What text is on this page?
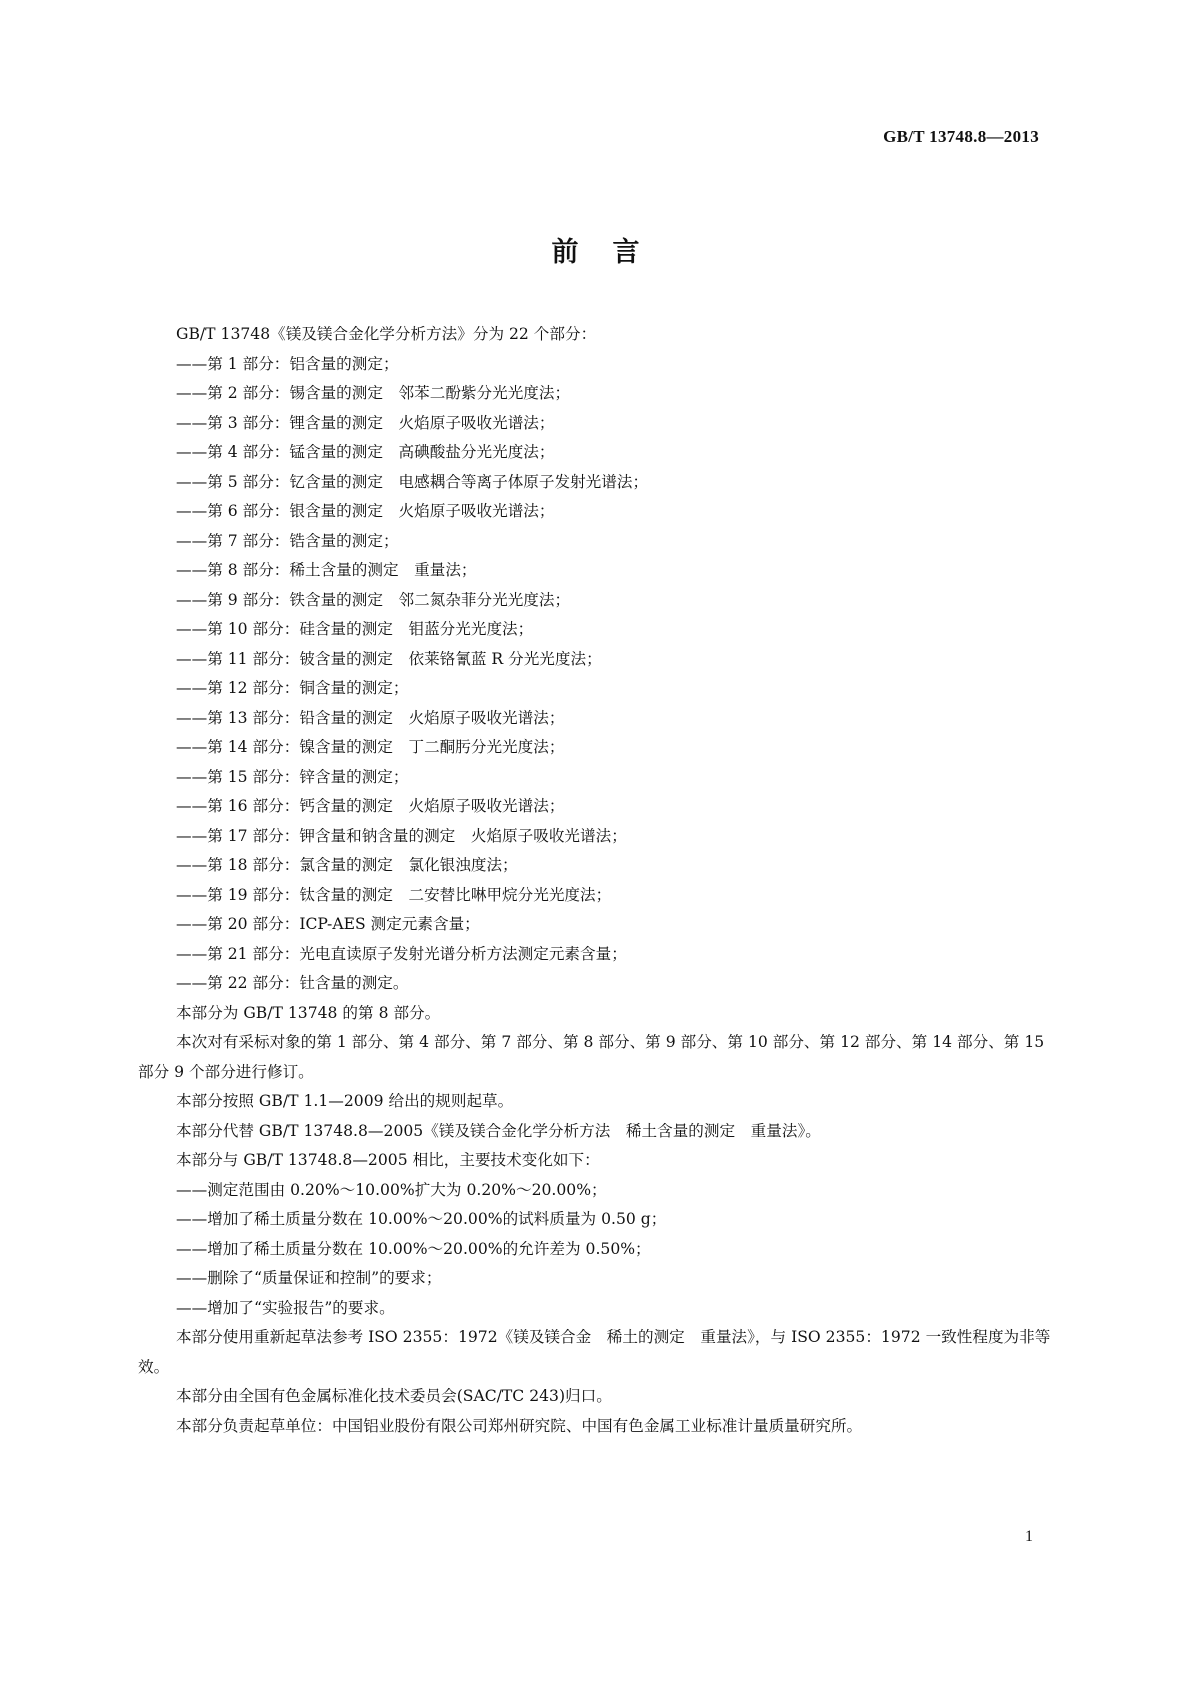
GB/T 13748.8—2013
前言

GB/T 13748《镁及镁合金化学分析方法》分为 22 个部分：

——第 1 部分：铝含量的测定；

——第 2 部分：锡含量的测定　邻苯二酚紫分光光度法；

——第 3 部分：锂含量的测定　火焰原子吸收光谱法；

——第 4 部分：锰含量的测定　高碘酸盐分光光度法；

——第 5 部分：钇含量的测定　电感耦合等离子体原子发射光谱法；

——第 6 部分：银含量的测定　火焰原子吸收光谱法；

——第 7 部分：锆含量的测定；

——第 8 部分：稀土含量的测定　重量法；

——第 9 部分：铁含量的测定　邻二氮杂菲分光光度法；

——第 10 部分：硅含量的测定　钼蓝分光光度法；

——第 11 部分：铍含量的测定　依莱铬氰蓝 R 分光光度法；

——第 12 部分：铜含量的测定；

——第 13 部分：铅含量的测定　火焰原子吸收光谱法；

——第 14 部分：镍含量的测定　丁二酮肟分光光度法；

——第 15 部分：锌含量的测定；

——第 16 部分：钙含量的测定　火焰原子吸收光谱法；

——第 17 部分：钾含量和钠含量的测定　火焰原子吸收光谱法；

——第 18 部分：氯含量的测定　氯化银浊度法；

——第 19 部分：钛含量的测定　二安替比啉甲烷分光光度法；

——第 20 部分：ICP-AES 测定元素含量；

——第 21 部分：光电直读原子发射光谱分析方法测定元素含量；

——第 22 部分：钍含量的测定。

本部分为 GB/T 13748 的第 8 部分。

本次对有采标对象的第 1 部分、第 4 部分、第 7 部分、第 8 部分、第 9 部分、第 10 部分、第 12 部分、第 14 部分、第 15 部分 9 个部分进行修订。

本部分按照 GB/T 1.1—2009 给出的规则起草。

本部分代替 GB/T 13748.8—2005《镁及镁合金化学分析方法　稀土含量的测定　重量法》。

本部分与 GB/T 13748.8—2005 相比，主要技术变化如下：

——测定范围由 0.20%～10.00%扩大为 0.20%～20.00%；

——增加了稀土质量分数在 10.00%～20.00%的试料质量为 0.50 g；

——增加了稀土质量分数在 10.00%～20.00%的允许差为 0.50%；

——删除了“质量保证和控制”的要求；

——增加了“实验报告”的要求。

本部分使用重新起草法参考 ISO 2355：1972《镁及镁合金　稀土的测定　重量法》，与 ISO 2355：1972 一致性程度为非等效。

本部分由全国有色金属标准化技术委员会(SAC/TC 243)归口。

本部分负责起草单位：中国铝业股份有限公司郑州研究院、中国有色金属工业标准计量质量研究所。

1
